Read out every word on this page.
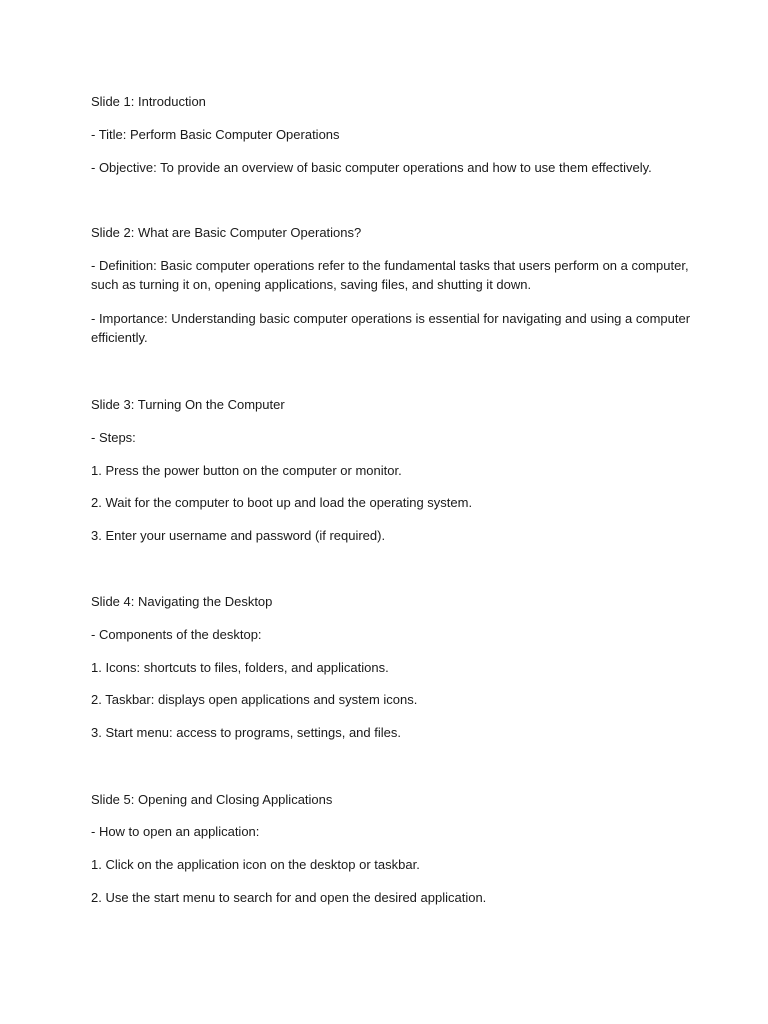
Slide 1: Introduction
- Title: Perform Basic Computer Operations
- Objective: To provide an overview of basic computer operations and how to use them effectively.
Slide 2: What are Basic Computer Operations?
- Definition: Basic computer operations refer to the fundamental tasks that users perform on a computer, such as turning it on, opening applications, saving files, and shutting it down.
- Importance: Understanding basic computer operations is essential for navigating and using a computer efficiently.
Slide 3: Turning On the Computer
- Steps:
1. Press the power button on the computer or monitor.
2. Wait for the computer to boot up and load the operating system.
3. Enter your username and password (if required).
Slide 4: Navigating the Desktop
- Components of the desktop:
1. Icons: shortcuts to files, folders, and applications.
2. Taskbar: displays open applications and system icons.
3. Start menu: access to programs, settings, and files.
Slide 5: Opening and Closing Applications
- How to open an application:
1. Click on the application icon on the desktop or taskbar.
2. Use the start menu to search for and open the desired application.
